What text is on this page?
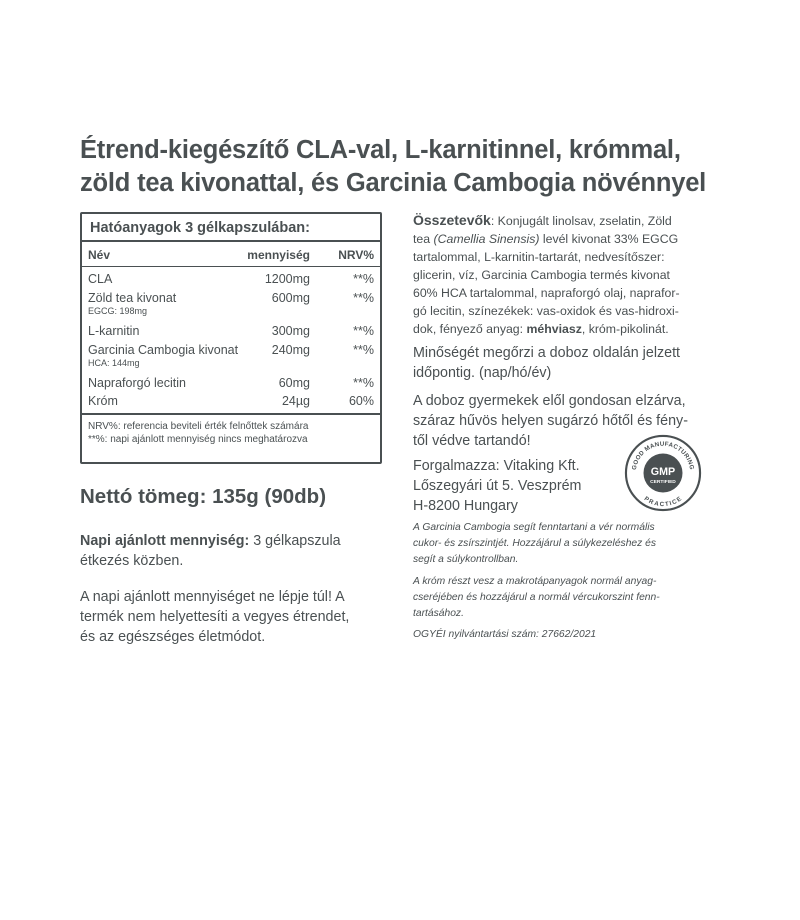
Étrend-kiegészítő CLA-val, L-karnitinnel, krómmal,
zöld tea kivonattal, és Garcinia Cambogia növénnyel
Hatóanyagok 3 gélkapszulában:
Név	mennyiség NRV%
CLA	1200mg	**%
Zöld tea kivonat	600mg	**%
EGCG: 198mg
L-karnitin	300mg	**%
Garcinia Cambogia kivonat	240mg	**%
HCA: 144mg
Napraforgó lecitin	60mg	**%
Króm	24µg	60%
NRV%: referencia beviteli érték felnőttek számára
**%: napi ajánlott mennyiség nincs meghatározva
Nettó tömeg: 135g (90db)
Napi ajánlott mennyiség: 3 gélkapszula
étkezés közben.
A napi ajánlott mennyiséget ne lépje túl! A
termék nem helyettesíti a vegyes étrendet,
és az egészséges életmódot.
Összetevők: Konjugált linolsav, zselatin, Zöld
tea (Camellia Sinensis) levél kivonat 33% EGCG
tartalommal, L-karnitin-tartarát, nedvesítőszer:
glicerin, víz, Garcinia Cambogia termés kivonat
60% HCA tartalommal, napraforgó olaj, naprafor-
gó lecitin, színezékek: vas-oxidok és vas-hidroxi-
dok, fényező anyag: méhviasz, króm-pikolinát.
Minőségét megőrzi a doboz oldalán jelzett
időpontig. (nap/hó/év)
A doboz gyermekek elől gondosan elzárva,
száraz hűvös helyen sugárzó hőtől és fény-
től védve tartandó!
Forgalmazza: Vitaking Kft.
Lőszegyári út 5. Veszprém
H-8200 Hungary
GOOD MANUFACTURING
PRACTICE
GMP
CERTIFIED
A Garcinia Cambogia segít fenntartani a vér normális
cukor- és zsírszintjét. Hozzájárul a súlykezeléshez és
segít a súlykontrollban.
A króm részt vesz a makrotápanyagok normál anyag-
cseréjében és hozzájárul a normál vércukorszint fenn-
tartásához.
OGYÉI nyilvántartási szám: 27662/2021
